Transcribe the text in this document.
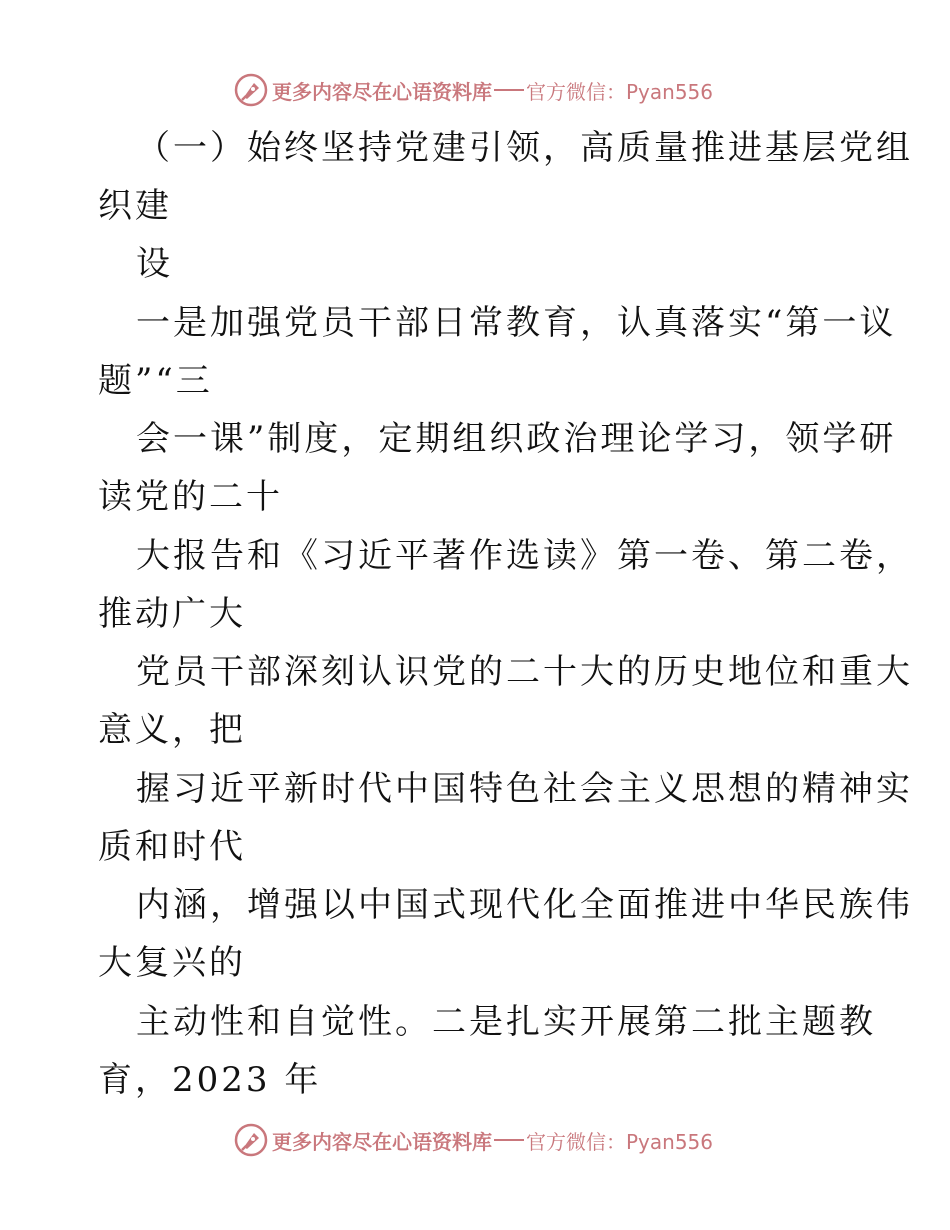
更多内容尽在心语资料库 官方微信：Pyan556
（一）始终坚持党建引领，高质量推进基层党组
织建
设
一是加强党员干部日常教育，认真落实“第一议
题”“三
会一课”制度，定期组织政治理论学习，领学研
读党的二十
大报告和《习近平著作选读》第一卷、第二卷，
推动广大
党员干部深刻认识党的二十大的历史地位和重大
意义，把
握习近平新时代中国特色社会主义思想的精神实
质和时代
内涵，增强以中国式现代化全面推进中华民族伟
大复兴的
主动性和自觉性。二是扎实开展第二批主题教
育，2023 年
更多内容尽在心语资料库 官方微信：Pyan556
